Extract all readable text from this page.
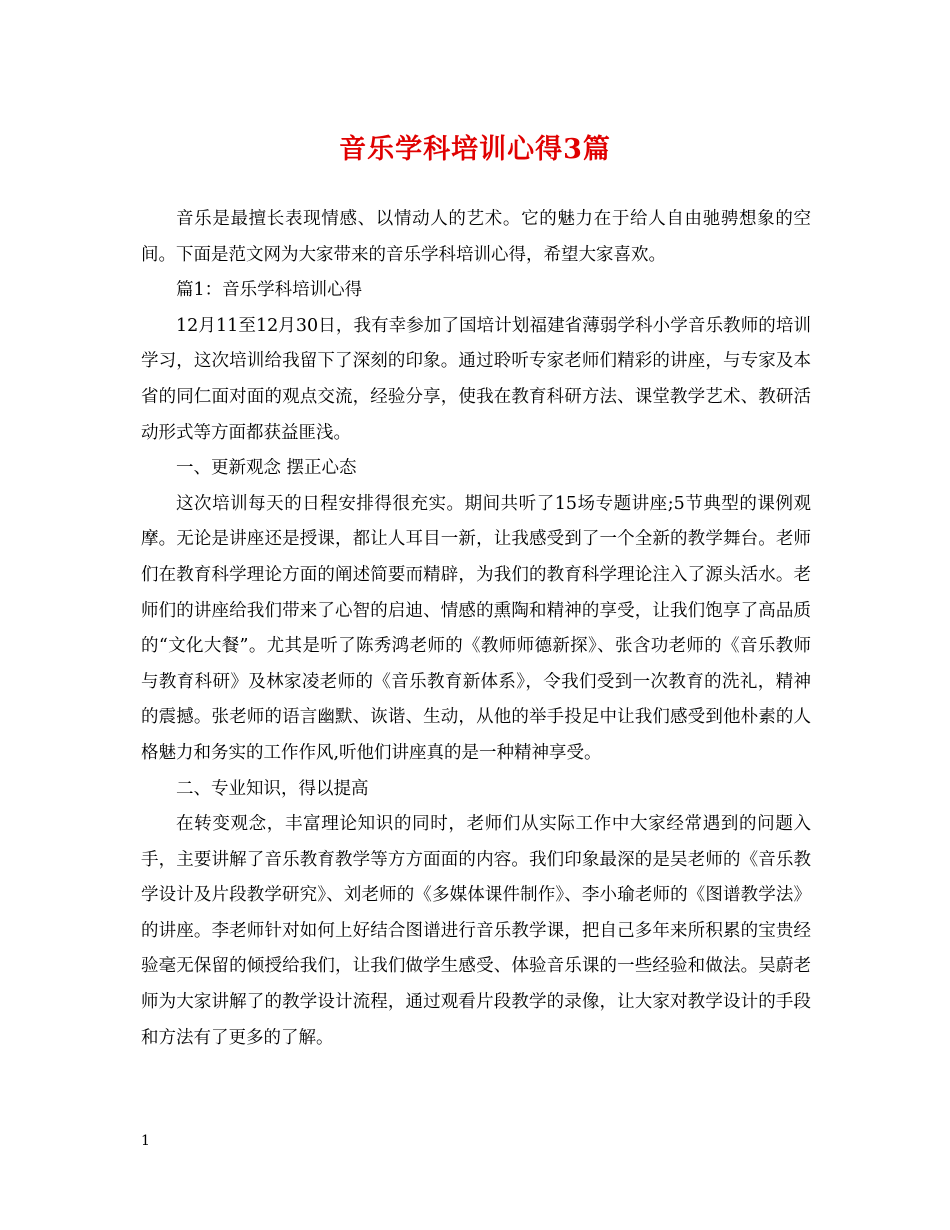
音乐学科培训心得3篇

音乐是最擅长表现情感、以情动人的艺术。它的魅力在于给人自由驰骋想象的空间。下面是范文网为大家带来的音乐学科培训心得，希望大家喜欢。

篇1：音乐学科培训心得

12月11至12月30日，我有幸参加了国培计划福建省薄弱学科小学音乐教师的培训学习，这次培训给我留下了深刻的印象。通过聆听专家老师们精彩的讲座，与专家及本省的同仁面对面的观点交流，经验分享，使我在教育科研方法、课堂教学艺术、教研活动形式等方面都获益匪浅。

一、更新观念 摆正心态

这次培训每天的日程安排得很充实。期间共听了15场专题讲座;5节典型的课例观摩。无论是讲座还是授课，都让人耳目一新，让我感受到了一个全新的教学舞台。老师们在教育科学理论方面的阐述简要而精辟，为我们的教育科学理论注入了源头活水。老师们的讲座给我们带来了心智的启迪、情感的熏陶和精神的享受，让我们饱享了高品质的“文化大餐”。尤其是听了陈秀鸿老师的《教师师德新探》、张含功老师的《音乐教师与教育科研》及林家凌老师的《音乐教育新体系》，令我们受到一次教育的洗礼，精神的震撼。张老师的语言幽默、诙谐、生动，从他的举手投足中让我们感受到他朴素的人格魅力和务实的工作作风,听他们讲座真的是一种精神享受。

二、专业知识，得以提高

在转变观念，丰富理论知识的同时，老师们从实际工作中大家经常遇到的问题入手，主要讲解了音乐教育教学等方方面面的内容。我们印象最深的是吴老师的《音乐教学设计及片段教学研究》、刘老师的《多媒体课件制作》、李小瑜老师的《图谱教学法》的讲座。李老师针对如何上好结合图谱进行音乐教学课，把自己多年来所积累的宝贵经验毫无保留的倾授给我们，让我们做学生感受、体验音乐课的一些经验和做法。吴蔚老师为大家讲解了的教学设计流程，通过观看片段教学的录像，让大家对教学设计的手段和方法有了更多的了解。

1
